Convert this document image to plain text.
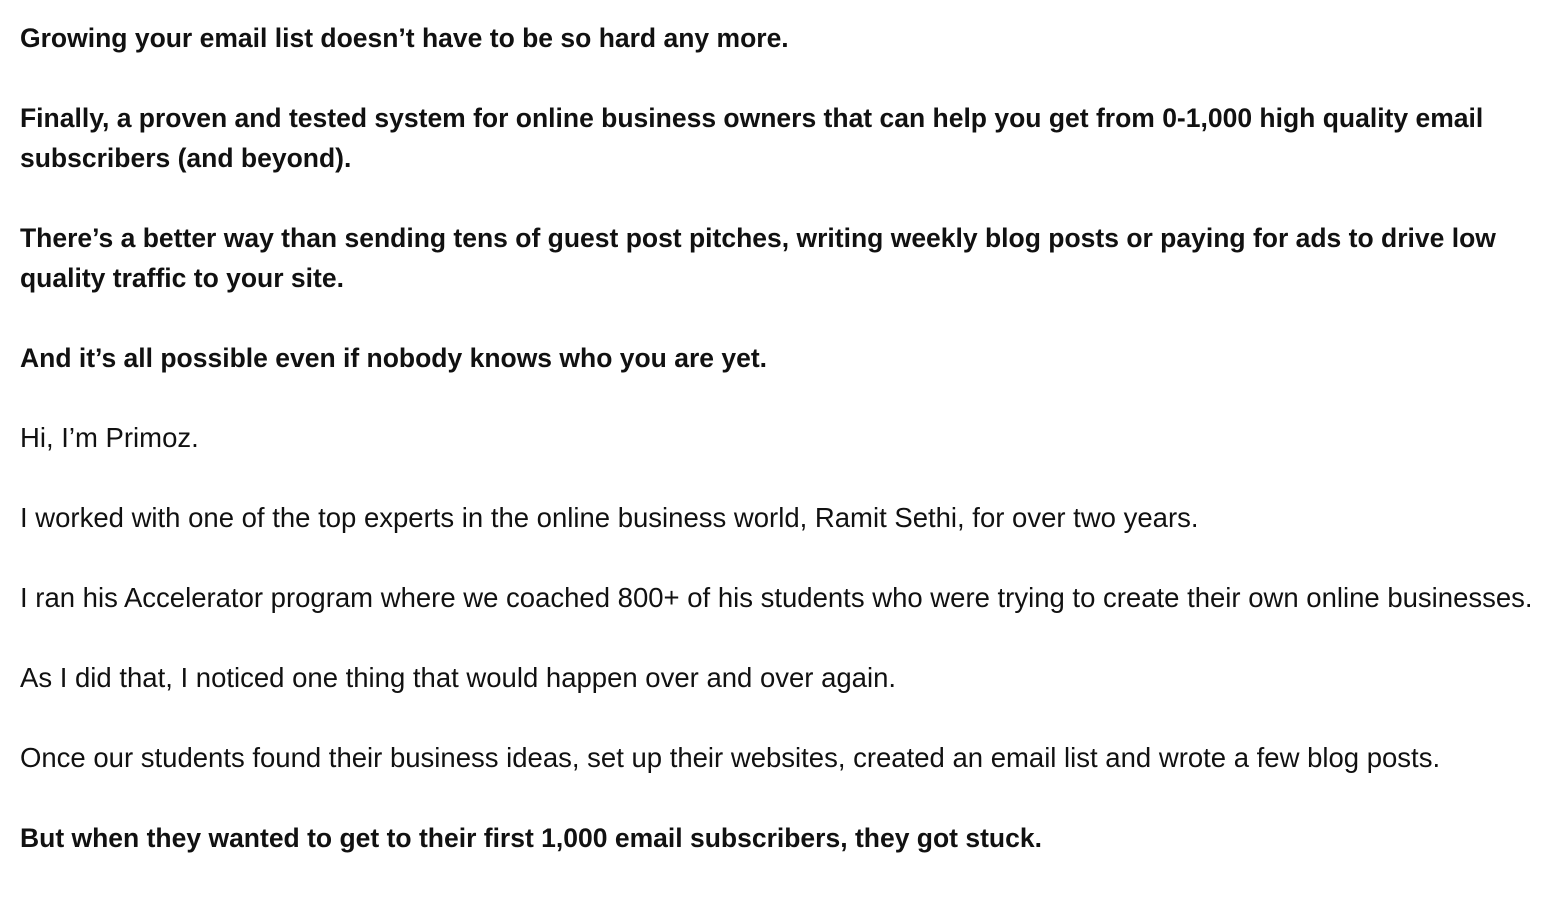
Growing your email list doesn’t have to be so hard any more.

Finally, a proven and tested system for online business owners that can help you get from 0-1,000 high quality email subscribers (and beyond).

There’s a better way than sending tens of guest post pitches, writing weekly blog posts or paying for ads to drive low quality traffic to your site.

And it’s all possible even if nobody knows who you are yet.

Hi, I’m Primoz.

I worked with one of the top experts in the online business world, Ramit Sethi, for over two years.

I ran his Accelerator program where we coached 800+ of his students who were trying to create their own online businesses.

As I did that, I noticed one thing that would happen over and over again.

Once our students found their business ideas, set up their websites, created an email list and wrote a few blog posts.

But when they wanted to get to their first 1,000 email subscribers, they got stuck.
